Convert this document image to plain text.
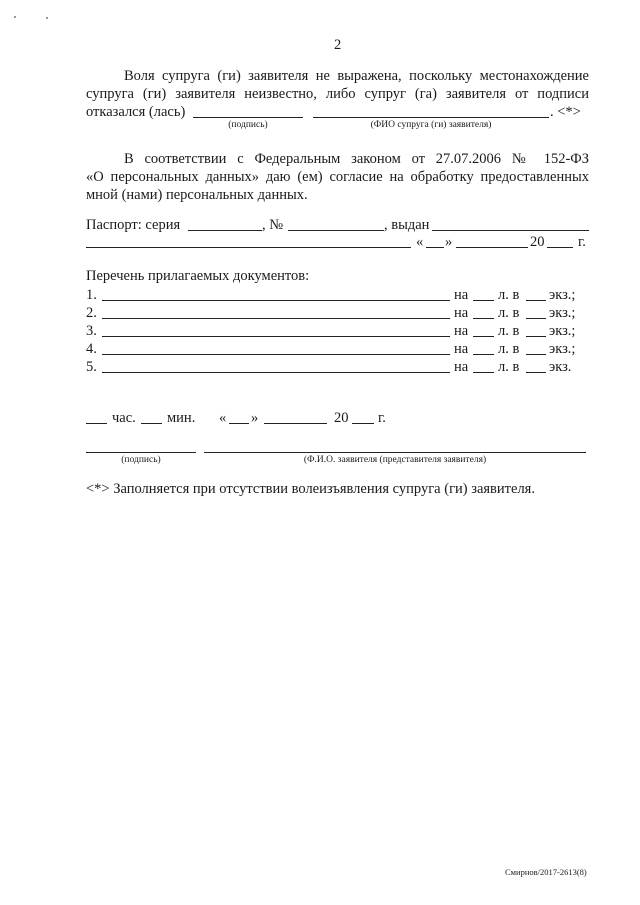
2
Воля супруга (ги) заявителя не выражена, поскольку местонахождение
супруга (ги) заявителя неизвестно, либо супруг (га) заявителя от подписи
отказался (лась)	. <*>
(подпись)	(ФИО супруга (ги) заявителя)
В соответствии с Федеральным законом от 27.07.2006 № 152-ФЗ
«О персональных данных» даю (ем) согласие на обработку предоставленных
мной (нами) персональных данных.
Паспорт: серия	, №	, выдан
« »	20 г.
Перечень прилагаемых документов:
1.	на л. в экз.;
2.	на л. в экз.;
3.	на л. в экз.;
4.	на л. в экз.;
5.	на л. в экз.
час. мин. « »	20 г.
(подпись)	(Ф.И.О. заявителя (представителя заявителя)
<*> Заполняется при отсутствии волеизъявления супруга (ги) заявителя.
Смирнов/2017-2613(8)
